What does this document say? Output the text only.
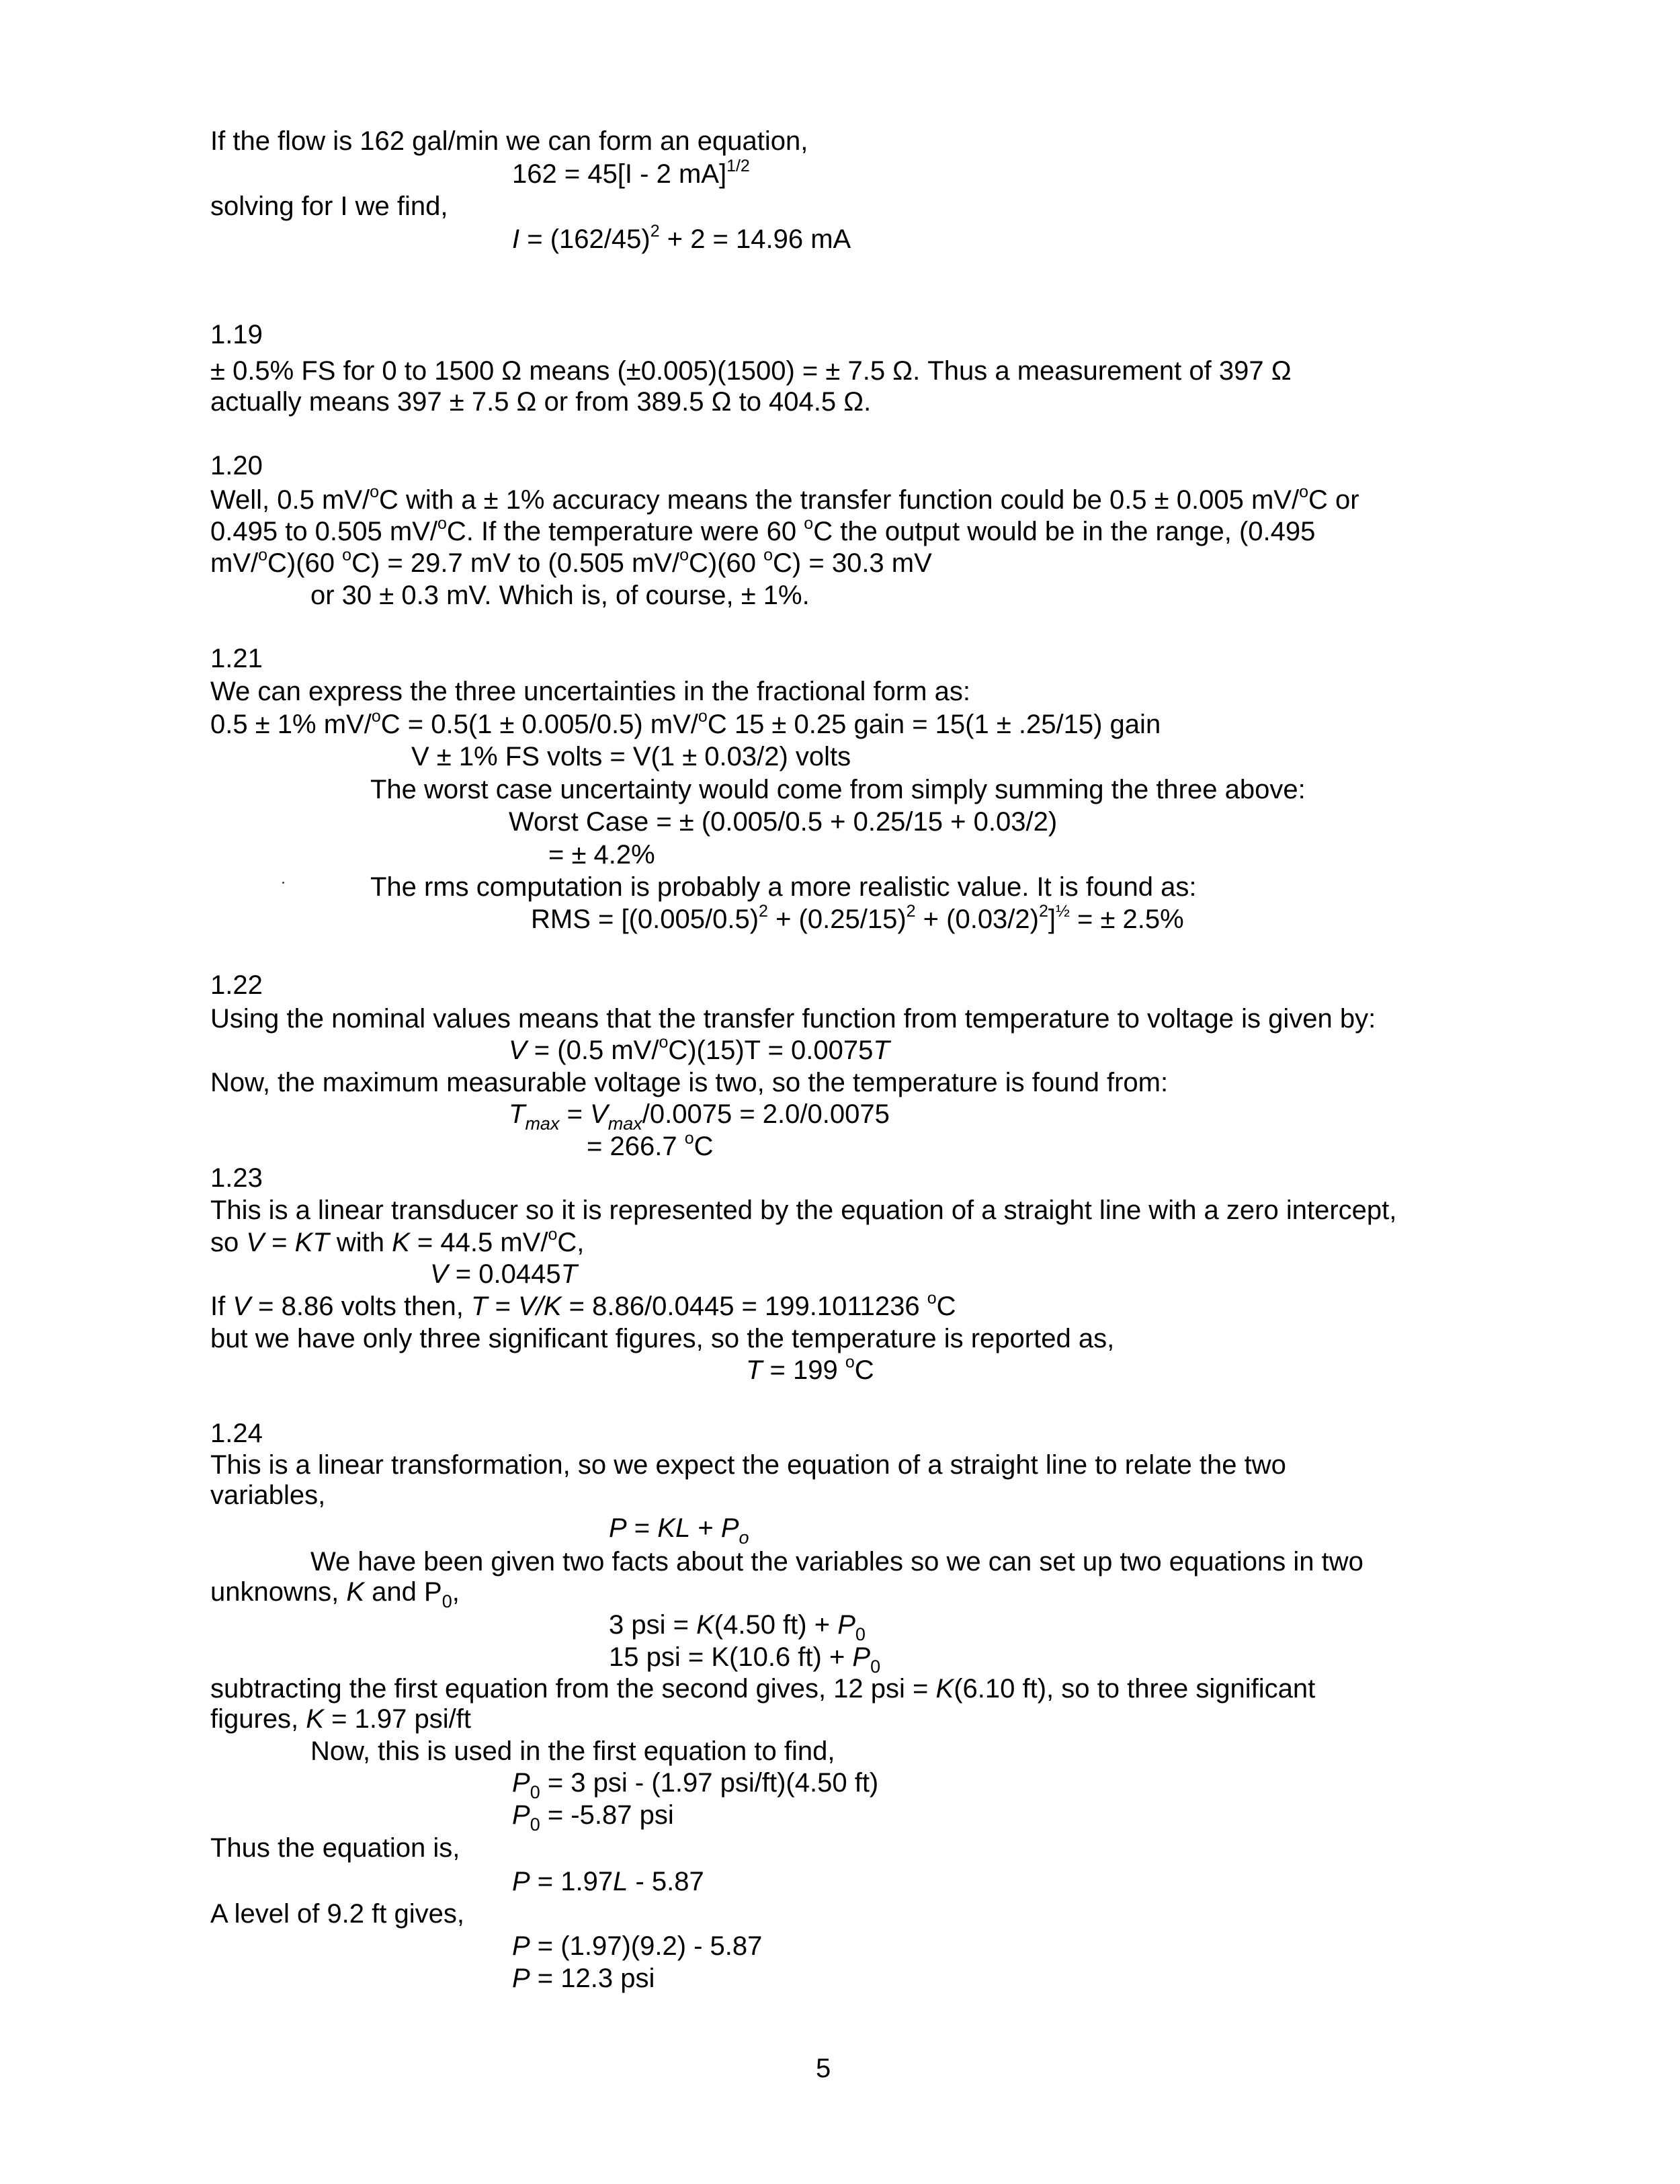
If the flow is 162 gal/min we can form an equation,
162 = 45[I - 2 mA]$^{1/2}$
solving for I we find,
$I = (162/45)^2 + 2 = 14.96$ mA
1.19
± 0.5% FS for 0 to 1500 Ω means (±0.005)(1500) = ± 7.5 Ω. Thus a measurement of 397 Ω
actually means 397 ± 7.5 Ω or from 389.5 Ω to 404.5 Ω.
1.20
Well, 0.5 mV/$^o$C with a ± 1% accuracy means the transfer function could be 0.5 ± 0.005 mV/$^o$C or
0.495 to 0.505 mV/$^o$C. If the temperature were 60 $^o$C the output would be in the range, (0.495
mV/$^o$C)(60 $^o$C) = 29.7 mV to (0.505 mV/$^o$C)(60 $^o$C) = 30.3 mV
or 30 ± 0.3 mV. Which is, of course, ± 1%.
1.21
We can express the three uncertainties in the fractional form as:
0.5 ± 1% mV/$^o$C = 0.5(1 ± 0.005/0.5) mV/$^o$C 15 ± 0.25 gain = 15(1 ± .25/15) gain
V ± 1% FS volts = V(1 ± 0.03/2) volts
The worst case uncertainty would come from simply summing the three above:
Worst Case = ± (0.005/0.5 + 0.25/15 + 0.03/2)
= ± 4.2%
The rms computation is probably a more realistic value. It is found as:
RMS = $[(0.005/0.5)^2 + (0.25/15)^2 + (0.03/2)^2]^{\frac{1}{2}}$ = ± 2.5%
1.22
Using the nominal values means that the transfer function from temperature to voltage is given by:
V = (0.5 mV/$^o$C)(15)T = 0.0075T
Now, the maximum measurable voltage is two, so the temperature is found from:
$T_{max} = V_{max}/0.0075 = 2.0/0.0075$
= 266.7 $^o$C
1.23
This is a linear transducer so it is represented by the equation of a straight line with a zero intercept,
so V = KT with K = 44.5 mV/$^o$C,
V = 0.0445T
If V = 8.86 volts then, T = V/K = 8.86/0.0445 = 199.1011236 $^o$C
but we have only three significant figures, so the temperature is reported as,
T = 199 $^o$C
1.24
This is a linear transformation, so we expect the equation of a straight line to relate the two
variables,
P = KL + $P_o$
We have been given two facts about the variables so we can set up two equations in two
unknowns, K and $P_0$,
3 psi = K(4.50 $ft) + P_0$
15 psi = K(10.6 $ft) + P_0$
subtracting the first equation from the second gives, 12 psi = K(6.10 ft), so to three significant
figures, K = 1.97 psi/ft
Now, this is used in the first equation to find,
$P_0 = 3$ psi - (1.97 psi/ft)(4.50 ft)
$P_0 = -5.87$ psi
Thus the equation is,
P = 1.97L - 5.87
A level of 9.2 ft gives,
P = (1.97)(9.2) - 5.87
P = 12.3 psi
5
